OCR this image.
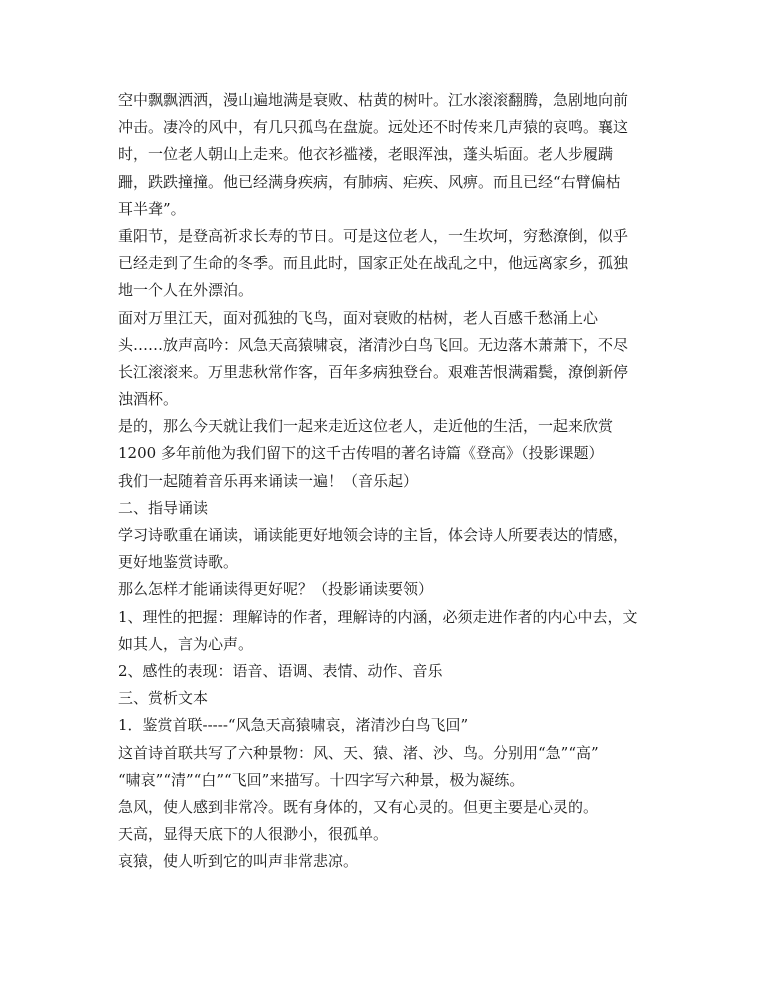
空中飘飘洒洒，漫山遍地满是衰败、枯黄的树叶。江水滚滚翻腾，急剧地向前
冲击。凄冷的风中，有几只孤鸟在盘旋。远处还不时传来几声猿的哀鸣。襄这
时，一位老人朝山上走来。他衣衫褴褛，老眼浑浊，蓬头垢面。老人步履蹒
跚，跌跌撞撞。他已经满身疾病，有肺病、疟疾、风痹。而且已经“右臂偏枯
耳半聋”。
重阳节，是登高祈求长寿的节日。可是这位老人，一生坎坷，穷愁潦倒，似乎
已经走到了生命的冬季。而且此时，国家正处在战乱之中，他远离家乡，孤独
地一个人在外漂泊。
面对万里江天，面对孤独的飞鸟，面对衰败的枯树，老人百感千愁涌上心
头……放声高吟：风急天高猿啸哀，渚清沙白鸟飞回。无边落木萧萧下，不尽
长江滚滚来。万里悲秋常作客，百年多病独登台。艰难苦恨满霜鬓，潦倒新停
浊酒杯。
是的，那么今天就让我们一起来走近这位老人，走近他的生活，一起来欣赏
1200 多年前他为我们留下的这千古传唱的著名诗篇《登高》（投影课题）
我们一起随着音乐再来诵读一遍！（音乐起）
二、指导诵读
学习诗歌重在诵读，诵读能更好地领会诗的主旨，体会诗人所要表达的情感，
更好地鉴赏诗歌。
那么怎样才能诵读得更好呢？（投影诵读要领）
1、理性的把握：理解诗的作者，理解诗的内涵，必须走进作者的内心中去，文
如其人，言为心声。
2、感性的表现：语音、语调、表情、动作、音乐
三、赏析文本
1．鉴赏首联-----“风急天高猿啸哀，渚清沙白鸟飞回”
这首诗首联共写了六种景物：风、天、猿、渚、沙、鸟。分别用“急”“高”
“啸哀”“清”“白”“飞回”来描写。十四字写六种景，极为凝练。
急风，使人感到非常冷。既有身体的，又有心灵的。但更主要是心灵的。
天高，显得天底下的人很渺小，很孤单。
哀猿，使人听到它的叫声非常悲凉。
